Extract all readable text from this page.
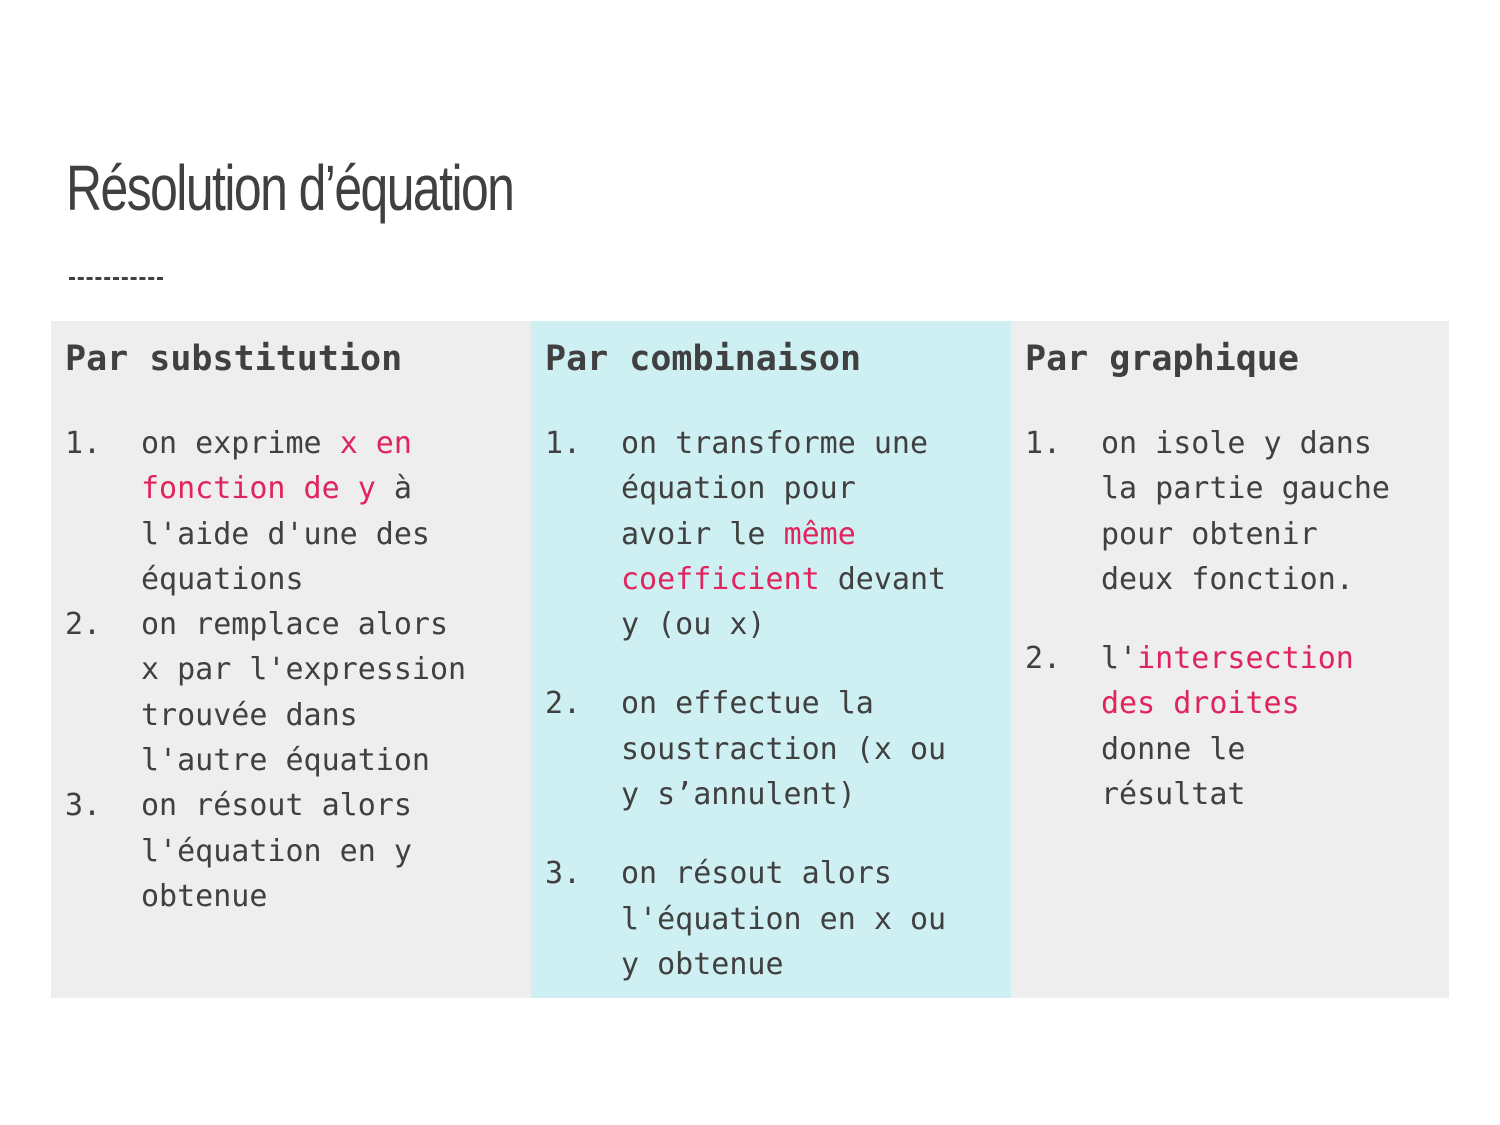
Résolution d’équation
Par substitution
1.	on exprime x en
fonction de y à
l'aide d'une des
équations
2.	on remplace alors
x par l'expression
trouvée dans
l'autre équation
3.	on résout alors
l'équation en y
obtenue
Par combinaison
1.	on transforme une
équation pour
avoir le même
coefficient devant
y (ou x)
2.	on effectue la
soustraction (x ou
y s’annulent)
3.	on résout alors
l'équation en x ou
y obtenue
Par graphique
1.	on isole y dans
la partie gauche
pour obtenir
deux fonction.
2.	l'intersection
des droites
donne le
résultat
